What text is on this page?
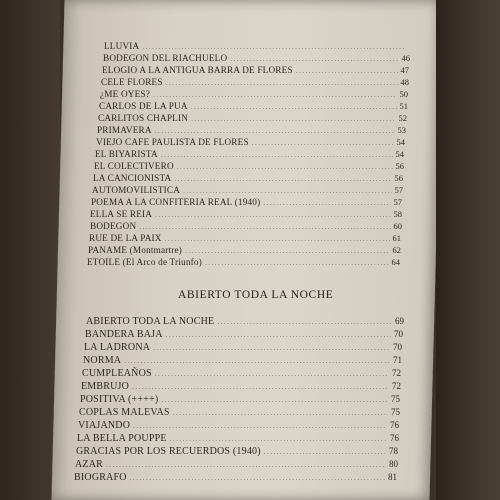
LLUVIA
.....
BODEGON DEL RIACHUELO .....	46
ELOGIO A LA ANTIGUA BARRA DE FLORES .....	47
CELE FLORES .....	48
¿ME OYES? .....	50
CARLOS DE LA PUA .....	51
CARLITOS CHAPLIN .....	52
PRIMAVERA .....	53
VIEJO CAFE PAULISTA DE FLORES .....	54
EL BIYARISTA .....	54
EL COLECTIVERO .....	56
LA CANCIONISTA .....	56
AUTOMOVILISTICA .....	57
POEMA A LA CONFITERIA REAL (1940) .....	57
ELLA SE REIA .....	58
BODEGON .....	60
RUE DE LA PAIX .....	61
PANAME (Montmartre) .....	62
ETOILE (El Arco de Triunfo) .....	64
ABIERTO TODA LA NOCHE
ABIERTO TODA LA NOCHE .....	69
BANDERA BAJA .....	70
LA LADRONA .....	70
NORMA .....	71
CUMPLEAÑOS .....	72
EMBRUJO .....	72
POSITIVA (++++) .....	75
COPLAS MALEVAS .....	75
VIAJANDO .....	76
LA BELLA POUPPE .....	76
GRACIAS POR LOS RECUERDOS (1940) .....	78
AZAR .....	80
BIOGRAFO .....	81
